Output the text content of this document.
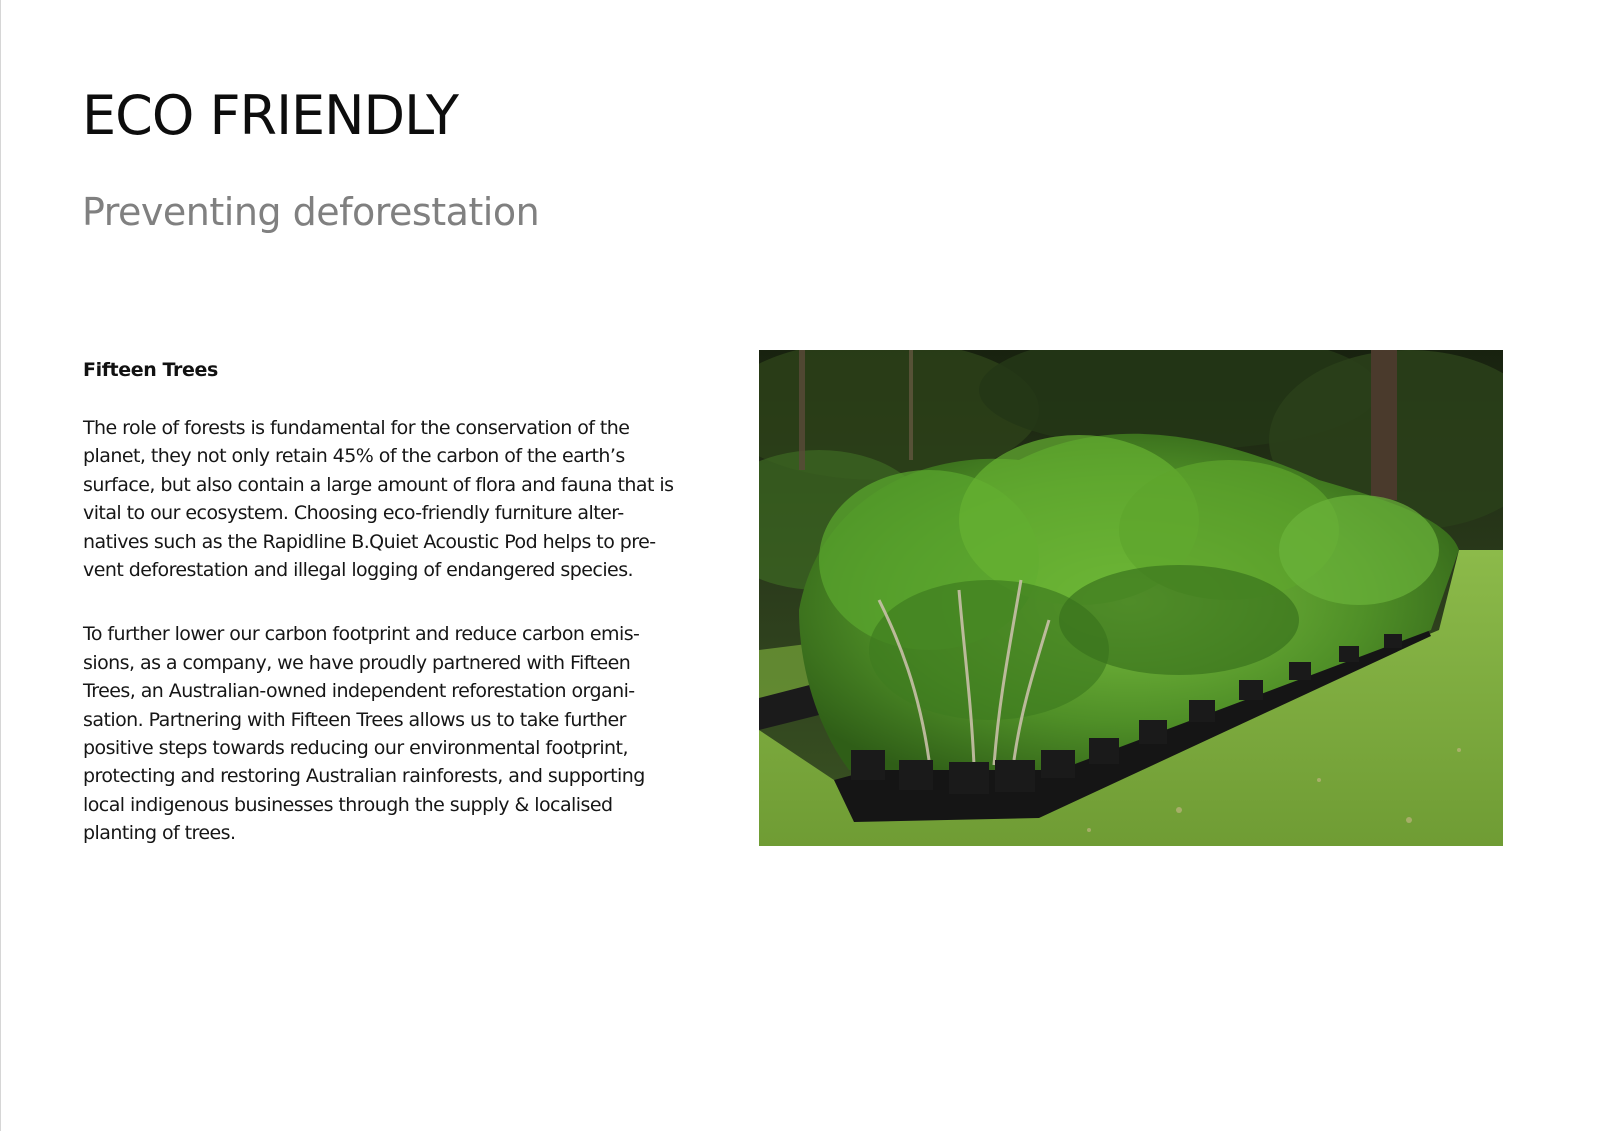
ECO FRIENDLY
Preventing deforestation
Fifteen Trees

The role of forests is fundamental for the conservation of the planet, they not only retain 45% of the carbon of the earth’s surface, but also contain a large amount of flora and fauna that is vital to our ecosystem. Choosing eco-friendly furniture alter-natives such as the Rapidline B.Quiet Acoustic Pod helps to pre-vent deforestation and illegal logging of endangered species.

To further lower our carbon footprint and reduce carbon emis-sions, as a company, we have proudly partnered with Fifteen Trees, an Australian-owned independent reforestation organi-sation. Partnering with Fifteen Trees allows us to take further positive steps towards reducing our environmental footprint, protecting and restoring Australian rainforests, and supporting local indigenous businesses through the supply & localised planting of trees.
